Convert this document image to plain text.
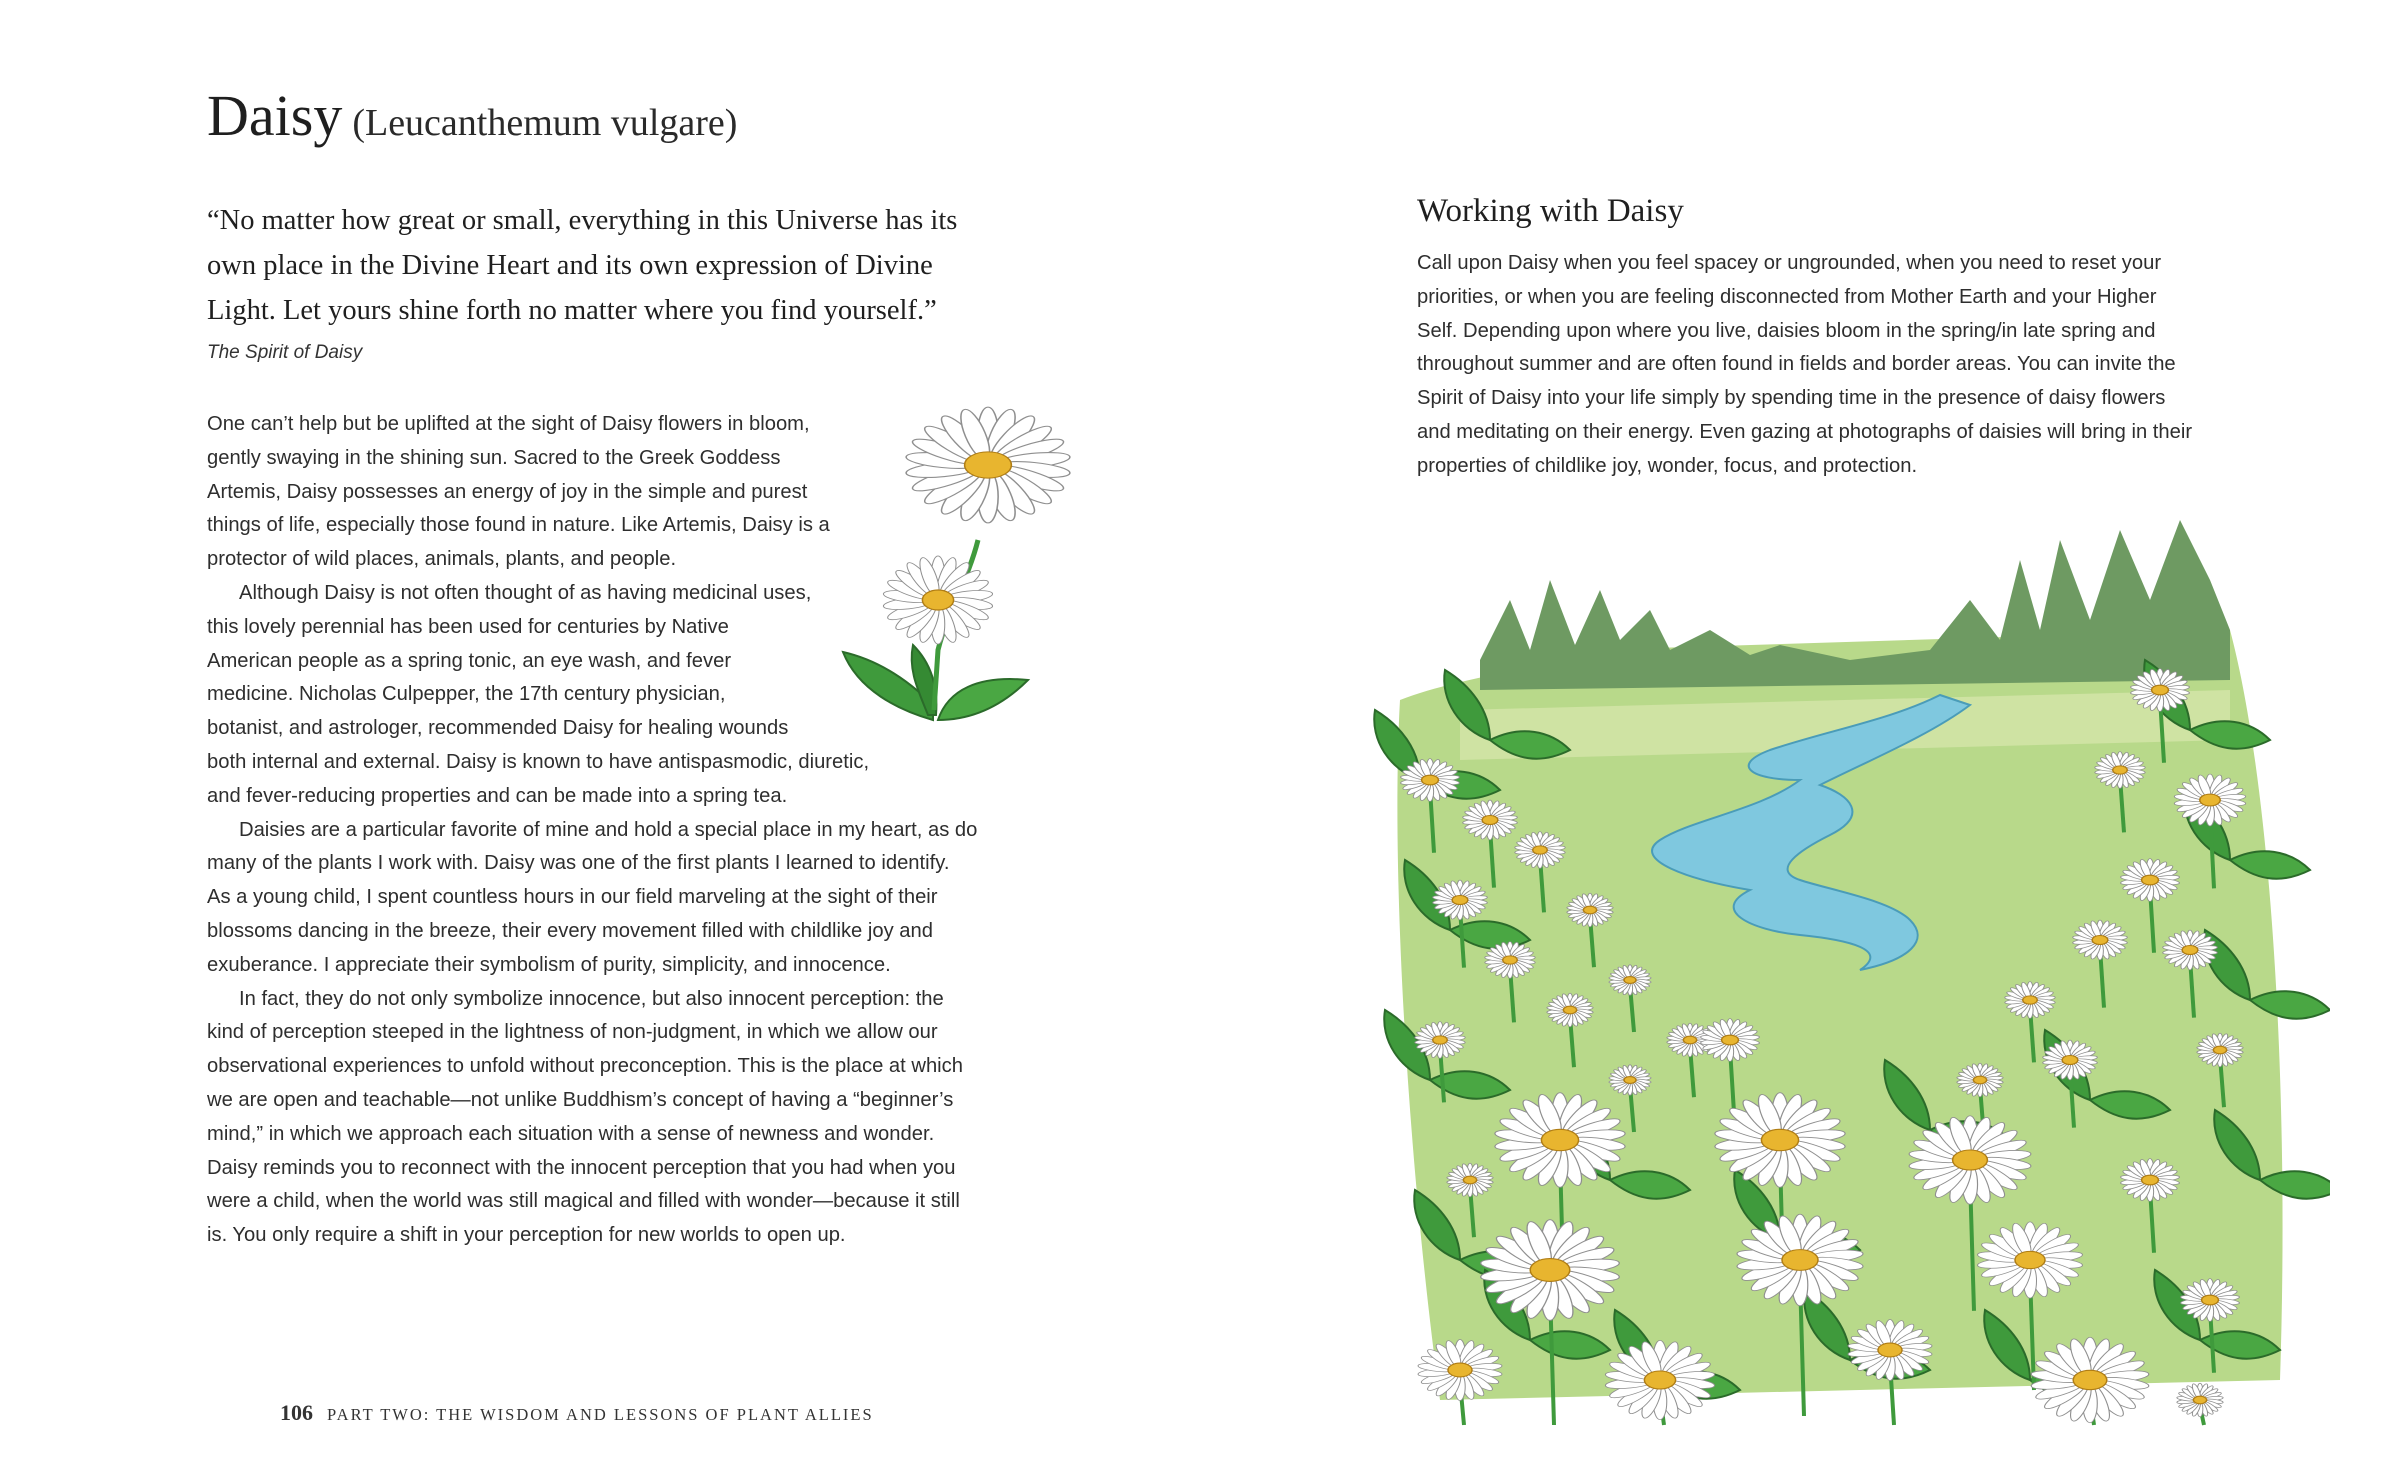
Daisy (Leucanthemum vulgare)
“No matter how great or small, everything in this Universe has its
own place in the Divine Heart and its own expression of Divine
Light. Let yours shine forth no matter where you find yourself.”
The Spirit of Daisy
One can’t help but be uplifted at the sight of Daisy flowers in bloom,
gently swaying in the shining sun. Sacred to the Greek Goddess
Artemis, Daisy possesses an energy of joy in the simple and purest
things of life, especially those found in nature. Like Artemis, Daisy is a
protector of wild places, animals, plants, and people.
Although Daisy is not often thought of as having medicinal uses,
this lovely perennial has been used for centuries by Native
American people as a spring tonic, an eye wash, and fever
medicine. Nicholas Culpepper, the 17th century physician,
botanist, and astrologer, recommended Daisy for healing wounds
both internal and external. Daisy is known to have antispasmodic, diuretic,
and fever-reducing properties and can be made into a spring tea.
Daisies are a particular favorite of mine and hold a special place in my heart, as do
many of the plants I work with. Daisy was one of the first plants I learned to identify.
As a young child, I spent countless hours in our field marveling at the sight of their
blossoms dancing in the breeze, their every movement filled with childlike joy and
exuberance. I appreciate their symbolism of purity, simplicity, and innocence.
In fact, they do not only symbolize innocence, but also innocent perception: the
kind of perception steeped in the lightness of non-judgment, in which we allow our
observational experiences to unfold without preconception. This is the place at which
we are open and teachable—not unlike Buddhism’s concept of having a “beginner’s
mind,” in which we approach each situation with a sense of newness and wonder.
Daisy reminds you to reconnect with the innocent perception that you had when you
were a child, when the world was still magical and filled with wonder—because it still
is. You only require a shift in your perception for new worlds to open up.
106 PART TWO: THE WISDOM AND LESSONS OF PLANT ALLIES
Working with Daisy
Call upon Daisy when you feel spacey or ungrounded, when you need to reset your
priorities, or when you are feeling disconnected from Mother Earth and your Higher
Self. Depending upon where you live, daisies bloom in the spring/in late spring and
throughout summer and are often found in fields and border areas. You can invite the
Spirit of Daisy into your life simply by spending time in the presence of daisy flowers
and meditating on their energy. Even gazing at photographs of daisies will bring in their
properties of childlike joy, wonder, focus, and protection.
